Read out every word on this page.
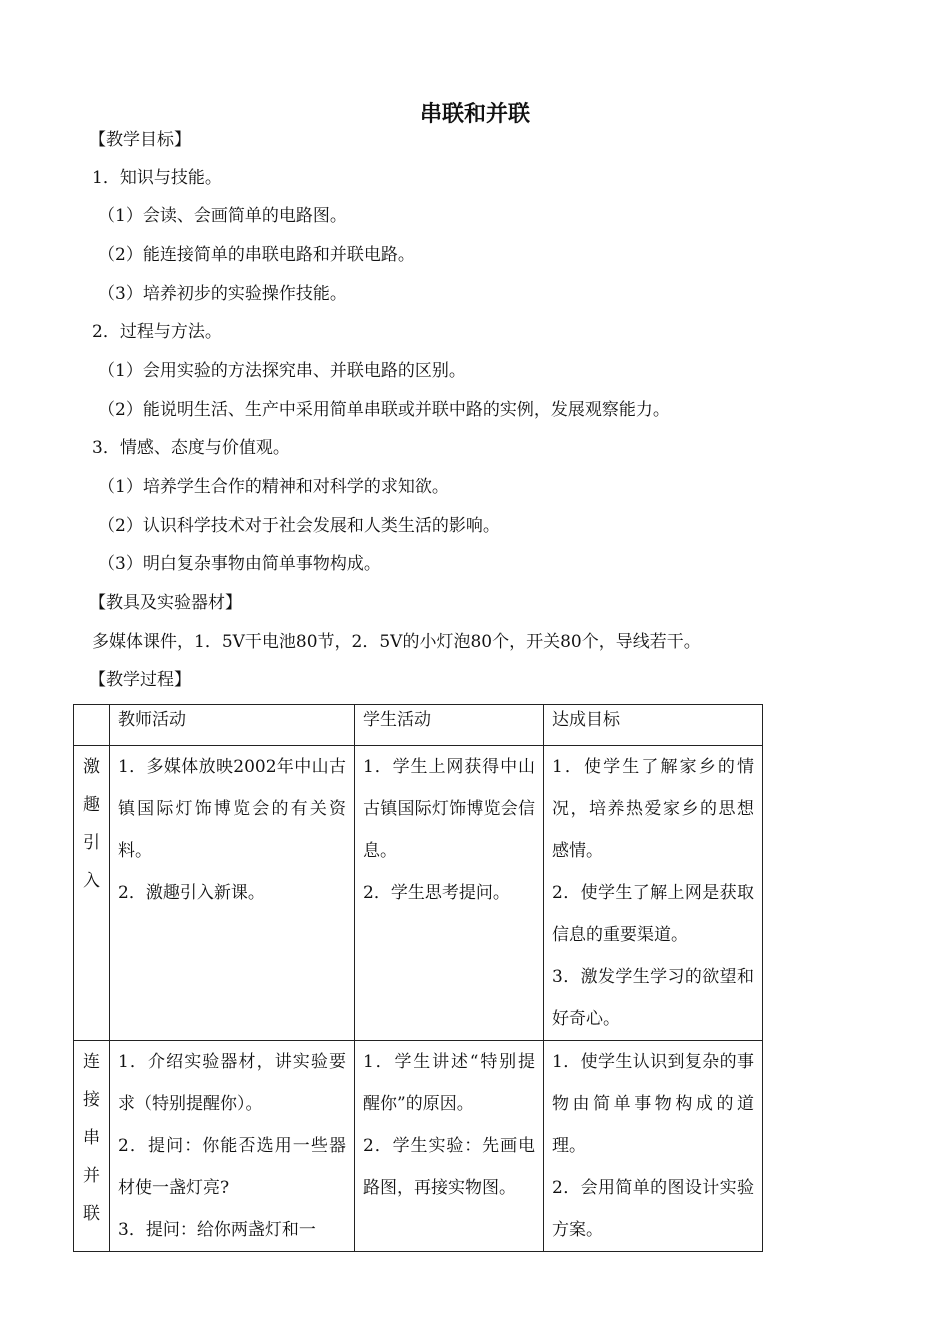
串联和并联
【教学目标】
1．知识与技能。
（1）会读、会画简单的电路图。
（2）能连接简单的串联电路和并联电路。
（3）培养初步的实验操作技能。
2．过程与方法。
（1）会用实验的方法探究串、并联电路的区别。
（2）能说明生活、生产中采用简单串联或并联中路的实例，发展观察能力。
3．情感、态度与价值观。
（1）培养学生合作的精神和对科学的求知欲。
（2）认识科学技术对于社会发展和人类生活的影响。
（3）明白复杂事物由简单事物构成。
【教具及实验器材】
多媒体课件，1．5V干电池80节，2．5V的小灯泡80个，开关80个，导线若干。
【教学过程】
	教师活动	学生活动	达成目标

激
趣
引
入	1．多媒体放映2002年中山古镇国际灯饰博览会的有关资料。
2．激趣引入新课。	1．学生上网获得中山古镇国际灯饰博览会信息。
2．学生思考提问。	1．使学生了解家乡的情况，培养热爱家乡的思想感情。
2．使学生了解上网是获取信息的重要渠道。
3．激发学生学习的欲望和好奇心。

连
接
串
并
联	1．介绍实验器材，讲实验要求（特别提醒你）。
2．提问：你能否选用一些器材使一盏灯亮?
3．提问：给你两盏灯和一	1．学生讲述“特别提醒你”的原因。
2．学生实验：先画电路图，再接实物图。	1．使学生认识到复杂的事物由简单事物构成的道理。
2．会用简单的图设计实验方案。
